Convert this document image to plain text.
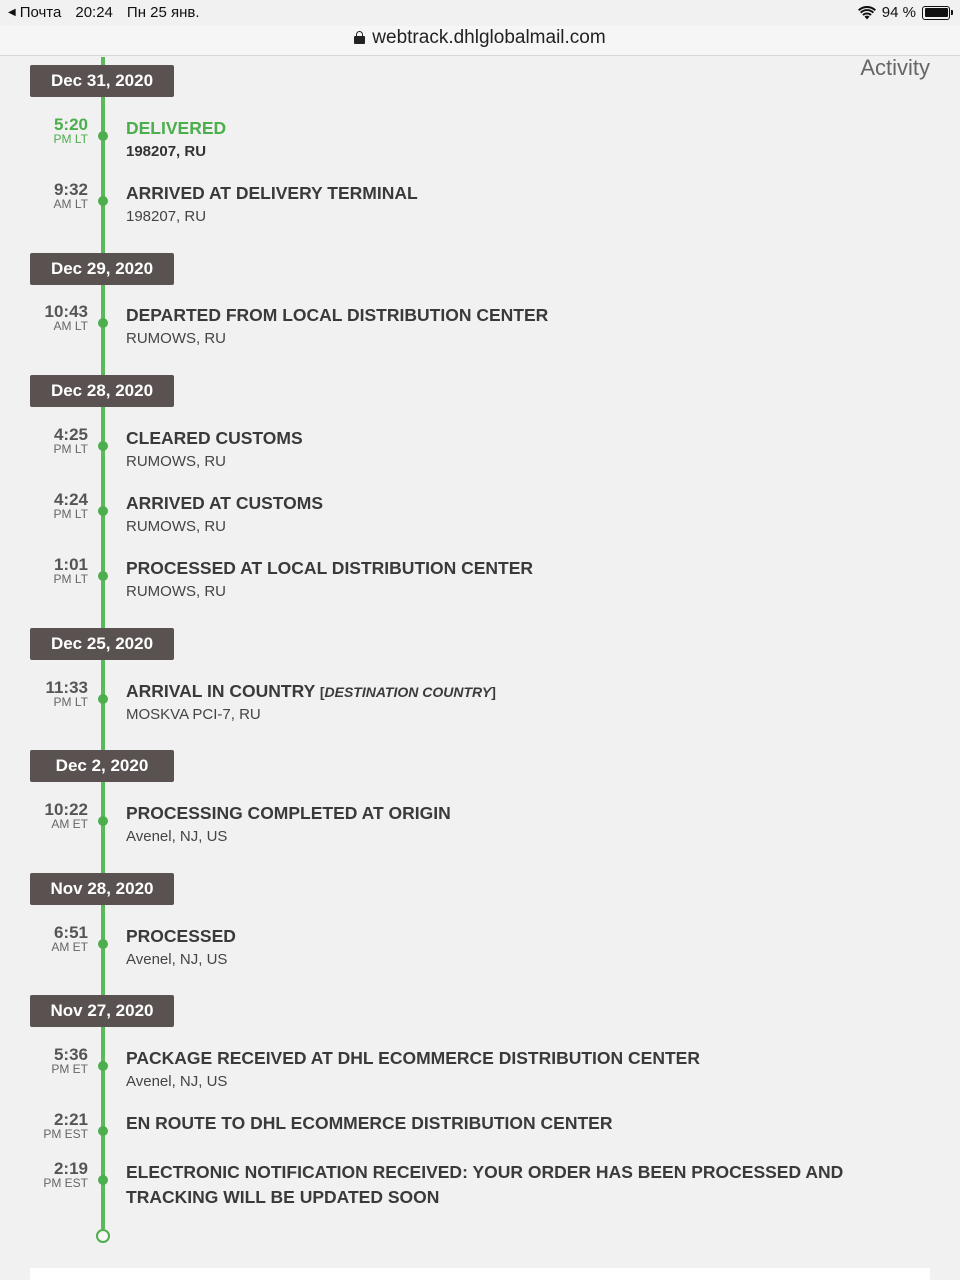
◀ Почта 20:24 Пн 25 янв.	94 %
webtrack.dhlglobalmail.com
Activity
Dec 31, 2020
5:20
PM LT
DELIVERED
198207, RU
9:32
AM LT
ARRIVED AT DELIVERY TERMINAL
198207, RU
Dec 29, 2020
10:43
AM LT
DEPARTED FROM LOCAL DISTRIBUTION CENTER
RUMOWS, RU
Dec 28, 2020
4:25
PM LT
CLEARED CUSTOMS
RUMOWS, RU
4:24
PM LT
ARRIVED AT CUSTOMS
RUMOWS, RU
1:01
PM LT
PROCESSED AT LOCAL DISTRIBUTION CENTER
RUMOWS, RU
Dec 25, 2020
11:33
PM LT
ARRIVAL IN COUNTRY [DESTINATION COUNTRY]
MOSKVA PCI-7, RU
Dec 2, 2020
10:22
AM ET
PROCESSING COMPLETED AT ORIGIN
Avenel, NJ, US
Nov 28, 2020
6:51
AM ET
PROCESSED
Avenel, NJ, US
Nov 27, 2020
5:36
PM ET
PACKAGE RECEIVED AT DHL ECOMMERCE DISTRIBUTION CENTER
Avenel, NJ, US
2:21
PM EST
EN ROUTE TO DHL ECOMMERCE DISTRIBUTION CENTER
2:19
PM EST
ELECTRONIC NOTIFICATION RECEIVED: YOUR ORDER HAS BEEN PROCESSED AND TRACKING WILL BE UPDATED SOON
